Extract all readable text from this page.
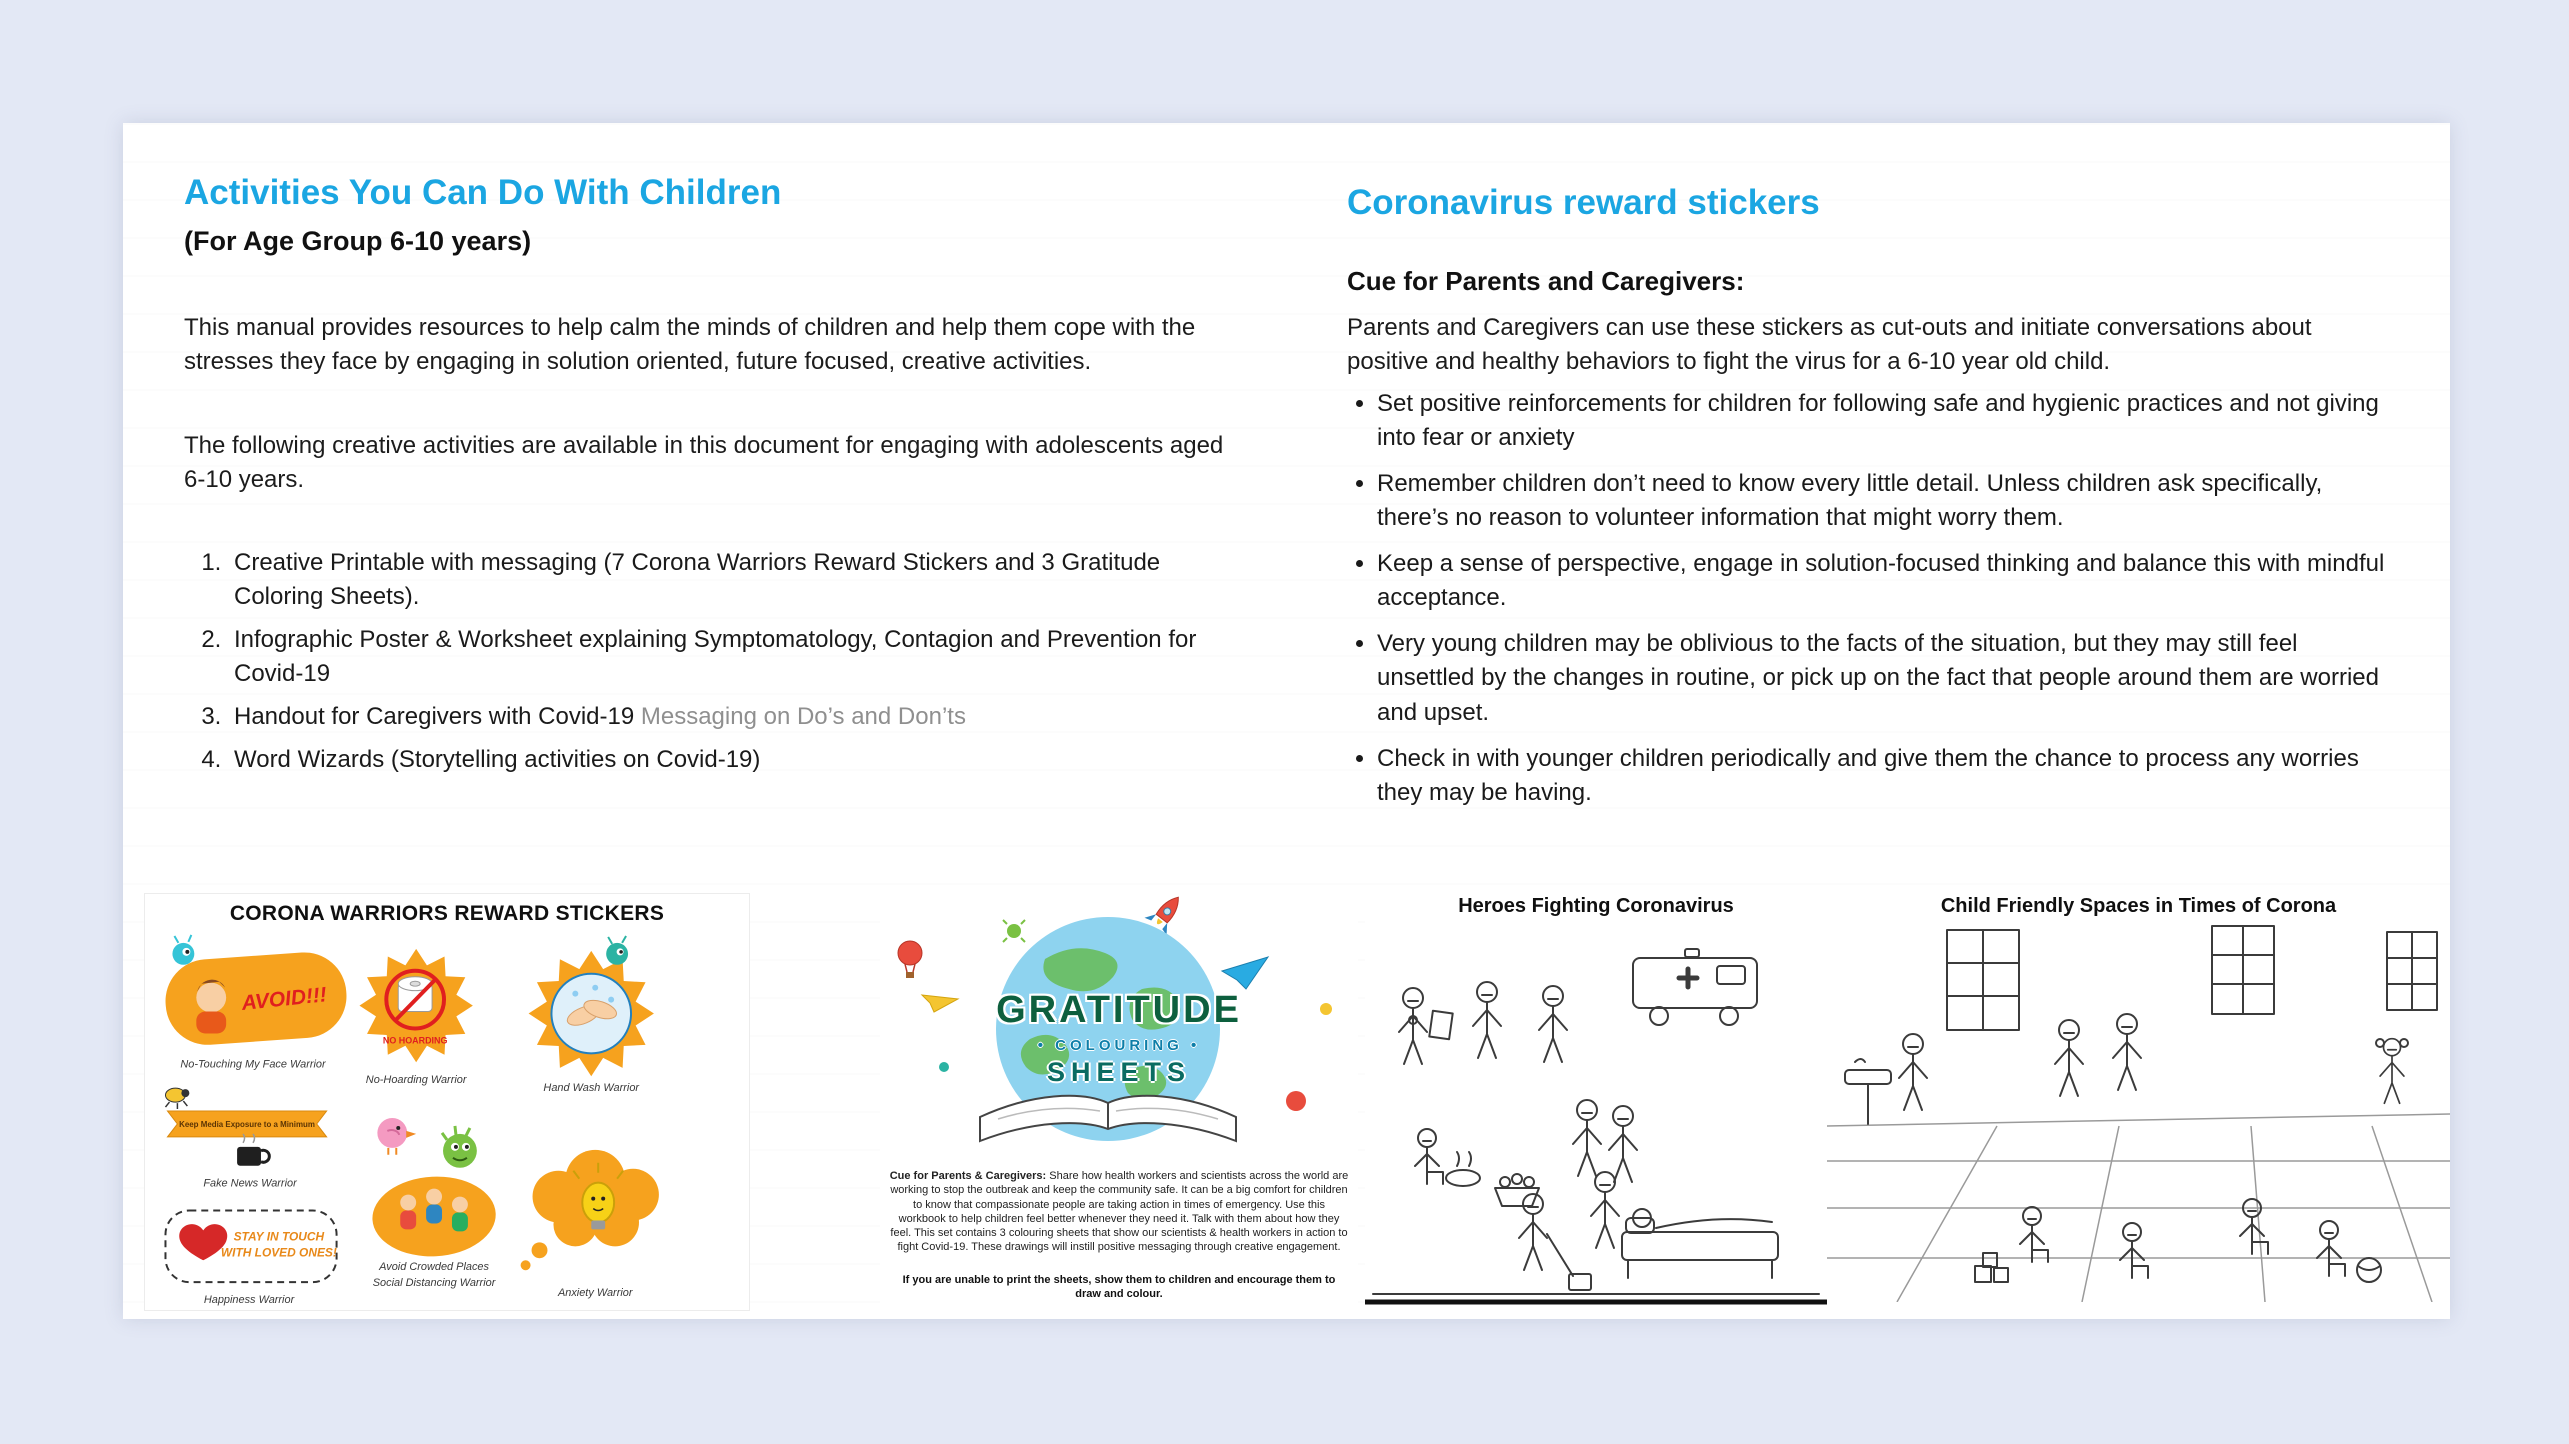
Activities You Can Do With Children
(For Age Group 6-10 years)

This manual provides resources to help calm the minds of children and help them cope with the stresses they face by engaging in solution oriented, future focused, creative activities.

The following creative activities are available in this document for engaging with adolescents aged 6-10 years.

1. Creative Printable with messaging (7 Corona Warriors Reward Stickers and 3 Gratitude Coloring Sheets).
2. Infographic Poster & Worksheet explaining Symptomatology, Contagion and Prevention for Covid-19
3. Handout for Caregivers with Covid-19 Messaging on Do’s and Don’ts
4. Word Wizards (Storytelling activities on Covid-19)
Coronavirus reward stickers
Cue for Parents and Caregivers:

Parents and Caregivers can use these stickers as cut-outs and initiate conversations about positive and healthy behaviors to fight the virus for a 6-10 year old child.

• Set positive reinforcements for children for following safe and hygienic practices and not giving into fear or anxiety
• Remember children don’t need to know every little detail. Unless children ask specifically, there’s no reason to volunteer information that might worry them.
• Keep a sense of perspective, engage in solution-focused thinking and balance this with mindful acceptance.
• Very young children may be oblivious to the facts of the situation, but they may still feel unsettled by the changes in routine, or pick up on the fact that people around them are worried and upset.
• Check in with younger children periodically and give them the chance to process any worries they may be having.
CORONA WARRIORS REWARD STICKERS
AVOID!!!
No-Touching My Face Warrior
NO HOARDING
No-Hoarding Warrior
Hand Wash Warrior
Keep Media Exposure to a Minimum
Fake News Warrior
Avoid Crowded Places
Social Distancing Warrior
Anxiety Warrior
STAY IN TOUCH
WITH LOVED ONES!
Happiness Warrior
GRATITUDE
• COLOURING •
SHEETS

Cue for Parents & Caregivers: Share how health workers and scientists across the world are working to stop the outbreak and keep the community safe. It can be a big comfort for children to know that compassionate people are taking action in times of emergency. Use this workbook to help children feel better whenever they need it. Talk with them about how they feel. This set contains 3 colouring sheets that show our scientists & health workers in action to fight Covid-19. These drawings will instill positive messaging through creative engagement.

If you are unable to print the sheets, show them to children and encourage them to draw and colour.

Heroes Fighting Coronavirus	Child Friendly Spaces in Times of Corona
